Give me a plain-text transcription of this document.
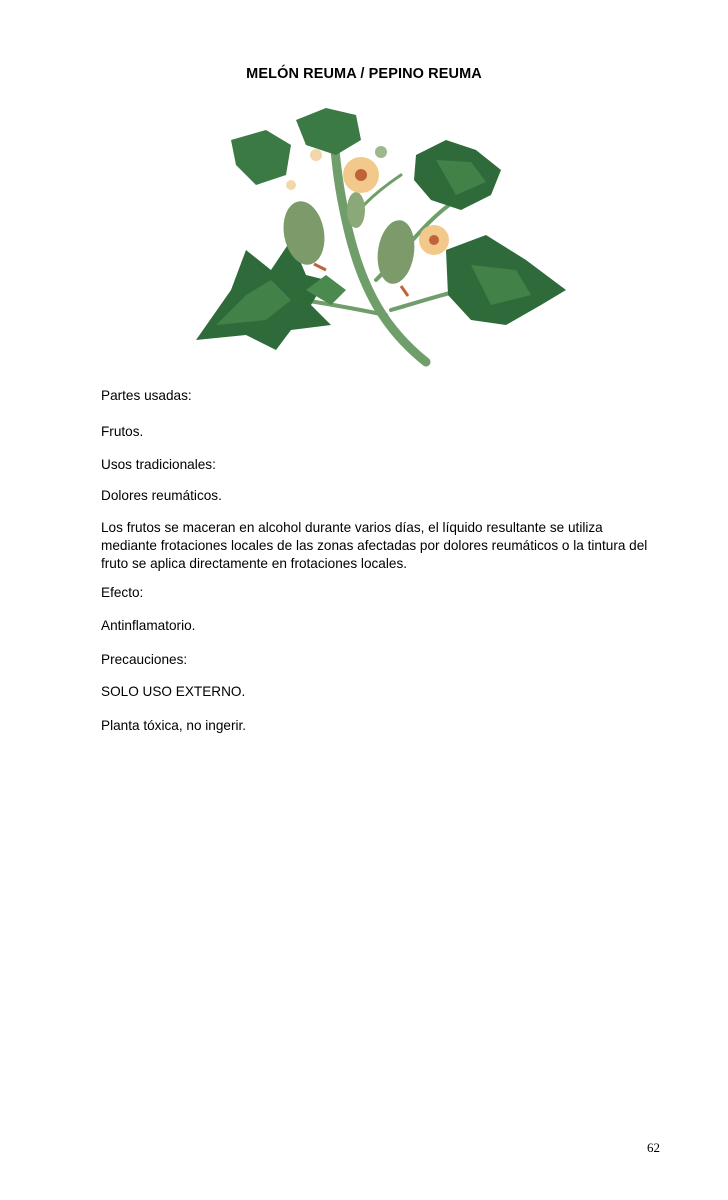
MELÓN REUMA / PEPINO REUMA
Partes usadas:
Frutos.
Usos tradicionales:
Dolores reumáticos.
Los frutos se maceran en alcohol durante varios días, el líquido resultante se utiliza mediante frotaciones locales de las zonas afectadas por dolores reumáticos o la tintura del fruto se aplica directamente en frotaciones locales.
Efecto:
Antinflamatorio.
Precauciones:
SOLO USO EXTERNO.
Planta tóxica, no ingerir.
62
